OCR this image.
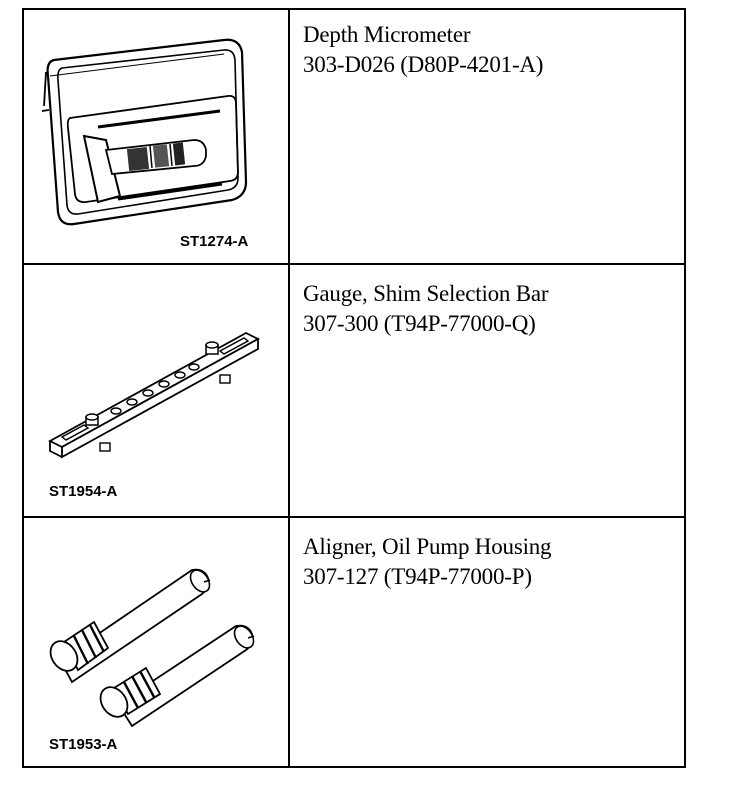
ST1274-A
Depth Micrometer
303-D026 (D80P-4201-A)
ST1954-A
Gauge, Shim Selection Bar
307-300 (T94P-77000-Q)
ST1953-A
Aligner, Oil Pump Housing
307-127 (T94P-77000-P)
